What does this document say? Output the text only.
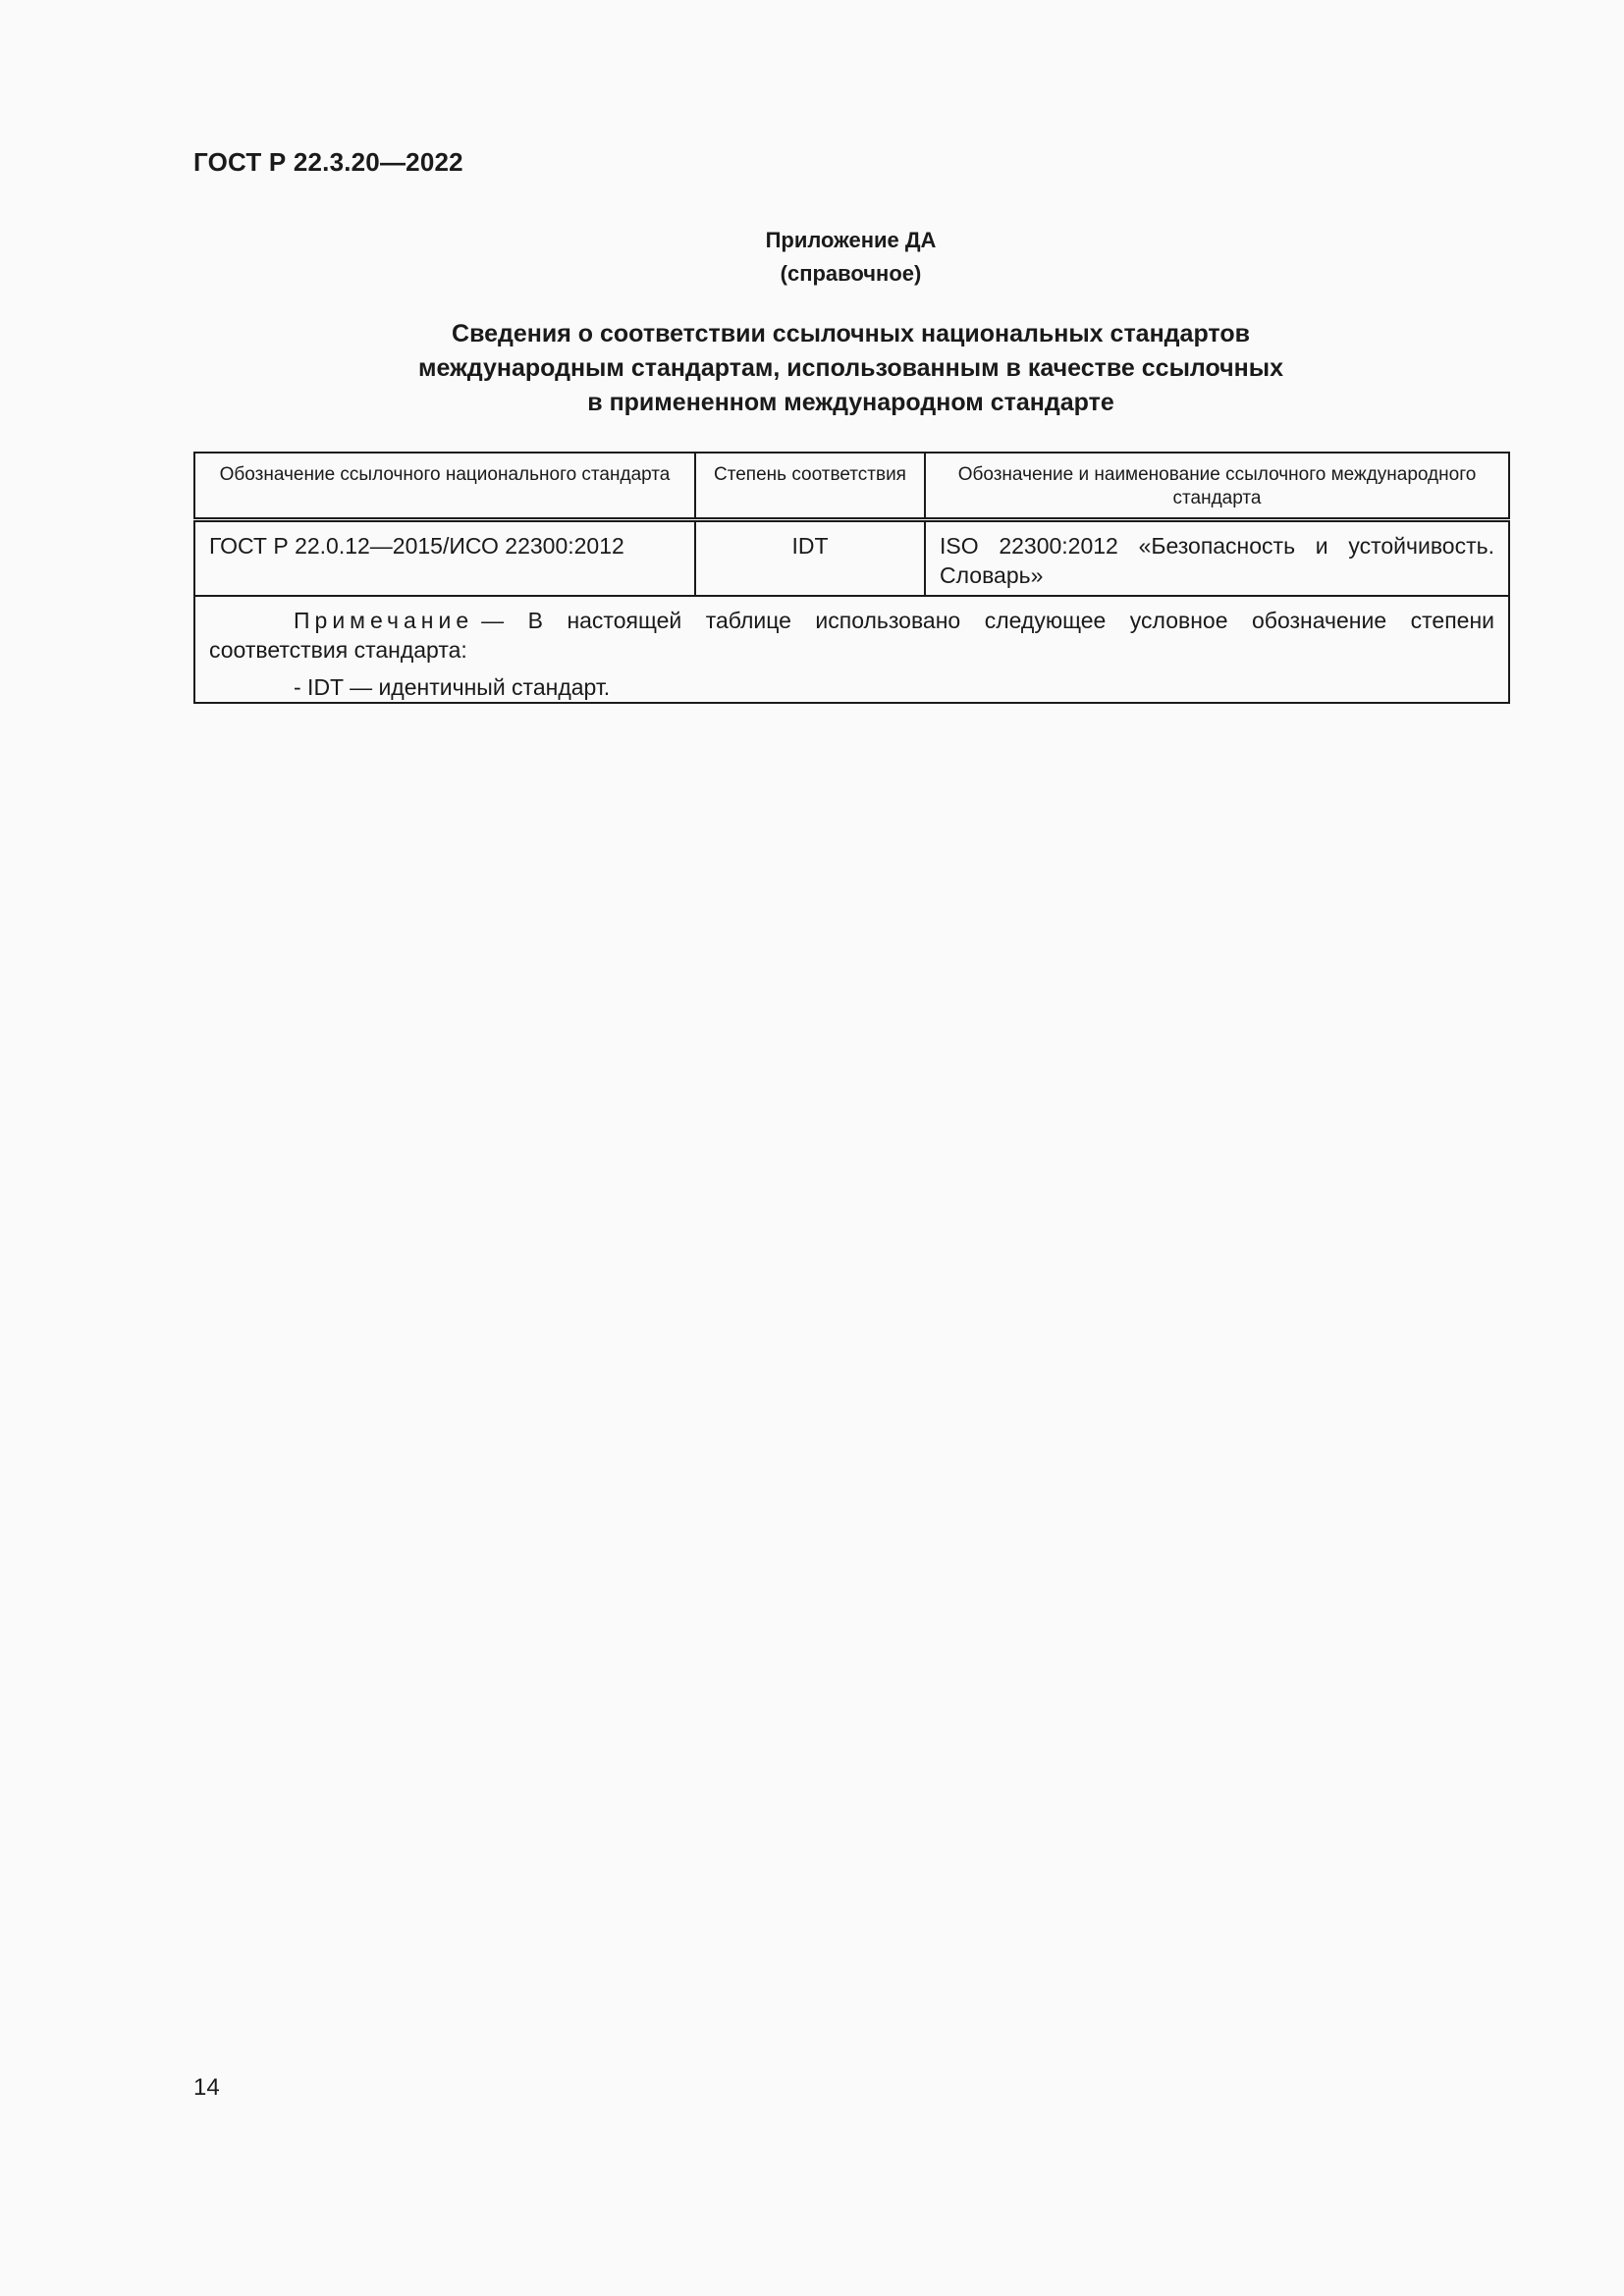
ГОСТ Р 22.3.20—2022
Приложение ДА
(справочное)
Сведения о соответствии ссылочных национальных стандартов
международным стандартам, использованным в качестве ссылочных
в примененном международном стандарте
Обозначение ссылочного национального стандарта	Степень соответствия	Обозначение и наименование ссылочного международного стандарта
ГОСТ Р 22.0.12—2015/ИСО 22300:2012	IDT	ISO 22300:2012 «Безопасность и устойчивость. Словарь»

Примечание — В настоящей таблице использовано следующее условное обозначение степени соответствия стандарта:

- IDT — идентичный стандарт.		

14
